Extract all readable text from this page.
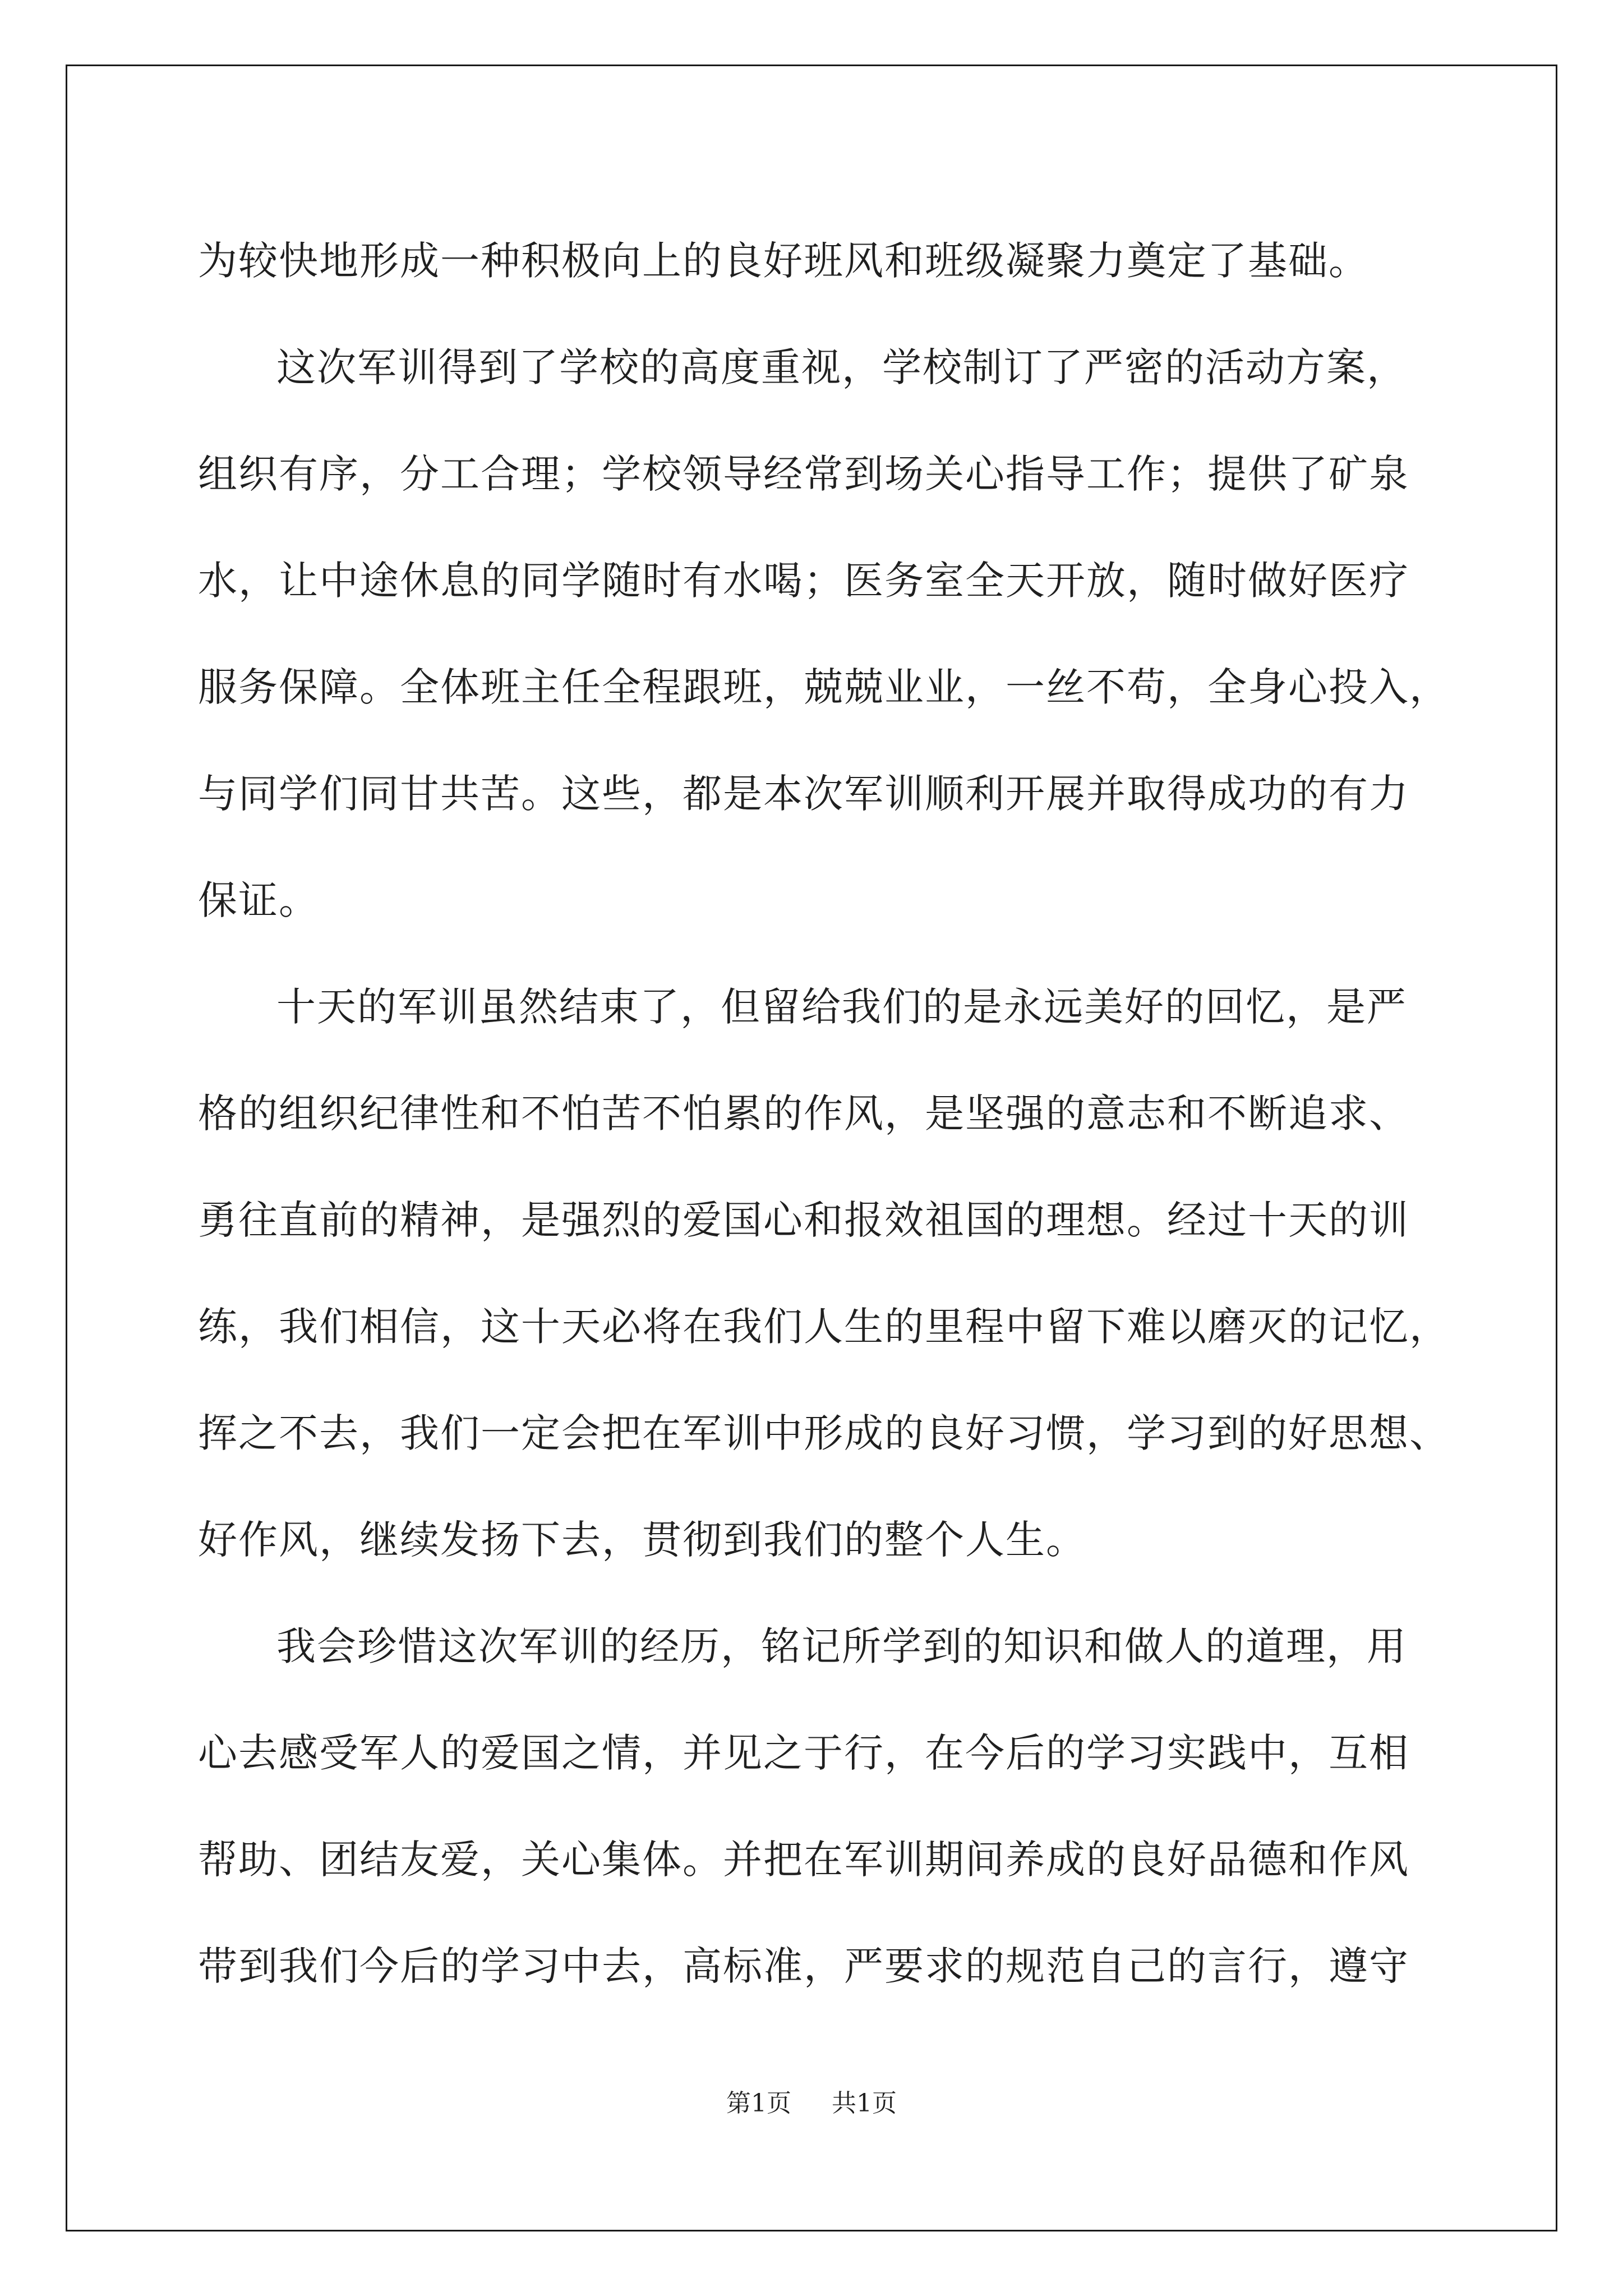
为较快地形成一种积极向上的良好班风和班级凝聚力奠定了基础。
这次军训得到了学校的高度重视，学校制订了严密的活动方案，
组织有序，分工合理；学校领导经常到场关心指导工作；提供了矿泉
水，让中途休息的同学随时有水喝；医务室全天开放，随时做好医疗
服务保障。全体班主任全程跟班，兢兢业业，一丝不苟，全身心投入，
与同学们同甘共苦。这些，都是本次军训顺利开展并取得成功的有力
保证。
十天的军训虽然结束了，但留给我们的是永远美好的回忆，是严
格的组织纪律性和不怕苦不怕累的作风，是坚强的意志和不断追求、
勇往直前的精神，是强烈的爱国心和报效祖国的理想。经过十天的训
练，我们相信，这十天必将在我们人生的里程中留下难以磨灭的记忆，
挥之不去，我们一定会把在军训中形成的良好习惯，学习到的好思想、
好作风，继续发扬下去，贯彻到我们的整个人生。
我会珍惜这次军训的经历，铭记所学到的知识和做人的道理，用
心去感受军人的爱国之情，并见之于行，在今后的学习实践中，互相
帮助、团结友爱，关心集体。并把在军训期间养成的良好品德和作风
带到我们今后的学习中去，高标准，严要求的规范自己的言行，遵守
第1页 　 共1页
